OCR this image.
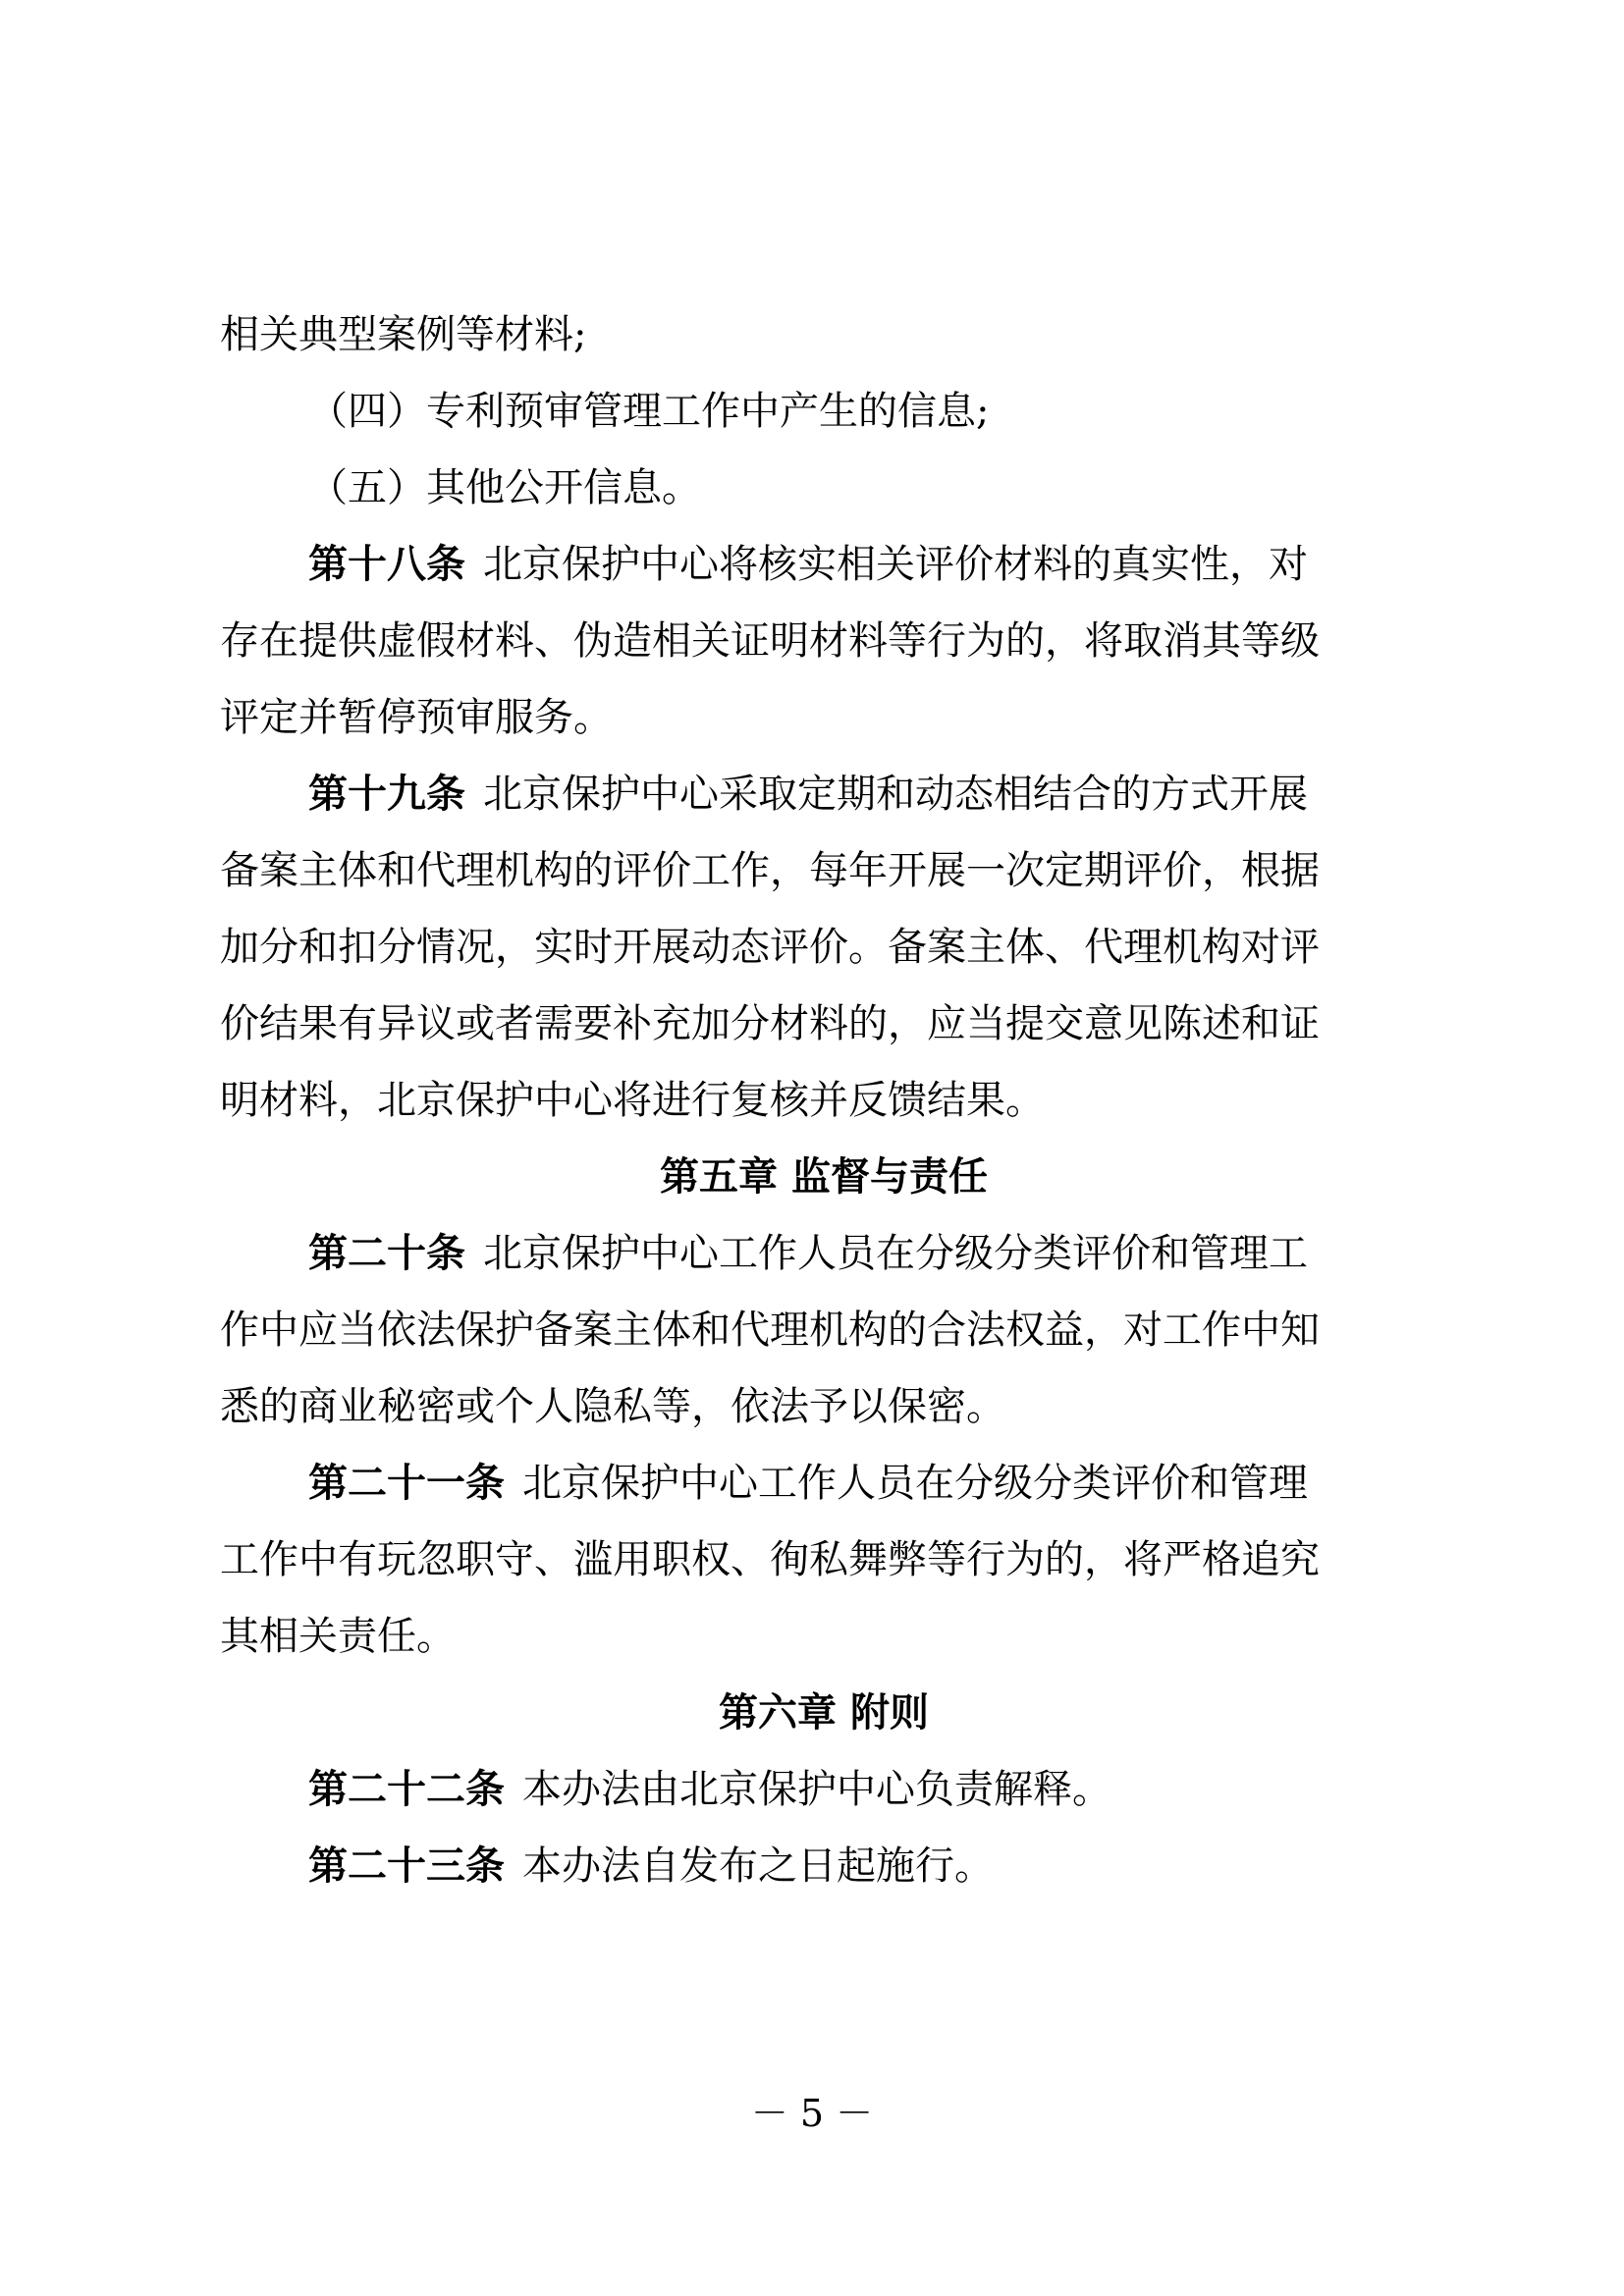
相关典型案例等材料;

（四）专利预审管理工作中产生的信息;

（五）其他公开信息。

第十八条 北京保护中心将核实相关评价材料的真实性，对
存在提供虚假材料、伪造相关证明材料等行为的，将取消其等级
评定并暂停预审服务。

第十九条 北京保护中心采取定期和动态相结合的方式开展
备案主体和代理机构的评价工作，每年开展一次定期评价，根据
加分和扣分情况，实时开展动态评价。备案主体、代理机构对评
价结果有异议或者需要补充加分材料的，应当提交意见陈述和证
明材料，北京保护中心将进行复核并反馈结果。

第五章 监督与责任

第二十条 北京保护中心工作人员在分级分类评价和管理工
作中应当依法保护备案主体和代理机构的合法权益，对工作中知
悉的商业秘密或个人隐私等，依法予以保密。

第二十一条 北京保护中心工作人员在分级分类评价和管理
工作中有玩忽职守、滥用职权、徇私舞弊等行为的，将严格追究
其相关责任。

第六章 附则

第二十二条 本办法由北京保护中心负责解释。

第二十三条 本办法自发布之日起施行。

－ 5 －
